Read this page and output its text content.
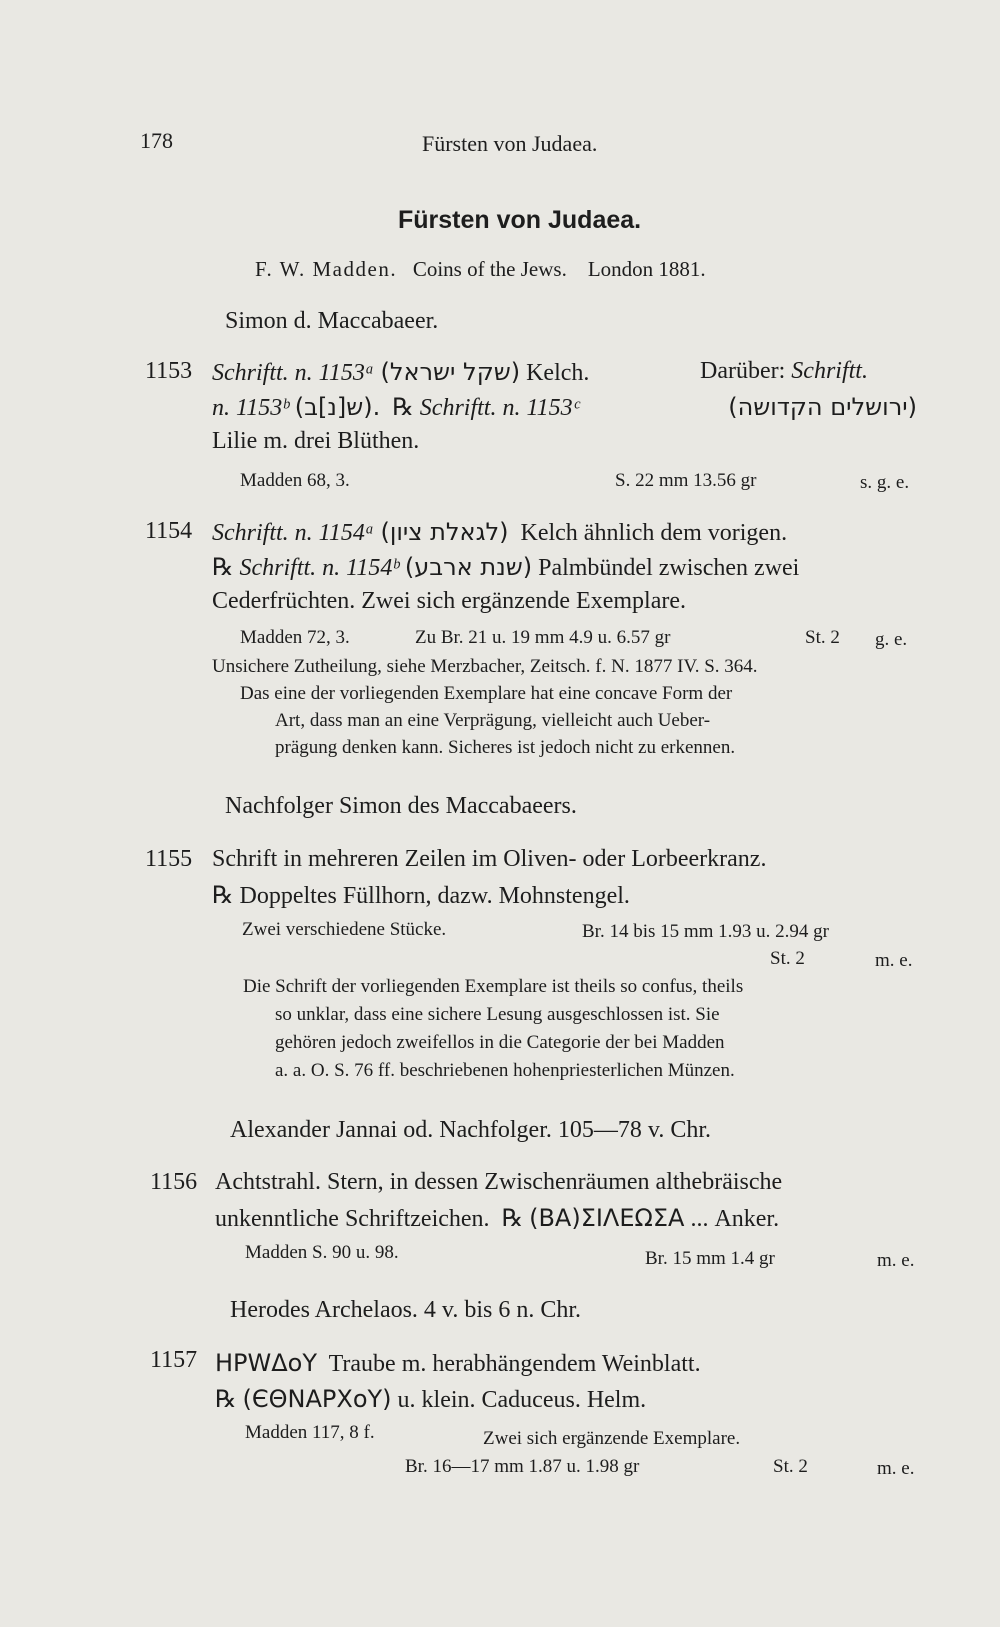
178	Fürsten von Judaea.
Fürsten von Judaea.
F. W. Madden. Coins of the Jews. London 1881.
Simon d. Maccabaeer.
1153 Schriftt. n. 1153ᵃ (שקל ישראל) Kelch.	Darüber: Schriftt.
n. 1153ᵇ (ש[נ]ב). ℞ Schriftt. n. 1153ᶜ	(ירושלים הקדושה)
Lilie m. drei Blüthen.
Madden 68, 3.	S. 22 mm 13.56 gr	s. g. e.
1154 Schriftt. n. 1154ᵃ (לגאלת ציון) Kelch ähnlich dem vorigen.
℞ Schriftt. n. 1154ᵇ (שנת ארבע) Palmbündel zwischen zwei
Cederfrüchten. Zwei sich ergänzende Exemplare.
Madden 72, 3.	Zu Br. 21 u. 19 mm 4.9 u. 6.57 gr	St. 2 g. e.
Unsichere Zutheilung, siehe Merzbacher, Zeitsch. f. N. 1877 IV. S. 364.
Das eine der vorliegenden Exemplare hat eine concave Form der
Art, dass man an eine Verprägung, vielleicht auch Ueber-
prägung denken kann. Sicheres ist jedoch nicht zu erkennen.
Nachfolger Simon des Maccabaeers.
1155 Schrift in mehreren Zeilen im Oliven- oder Lorbeerkranz.
℞ Doppeltes Füllhorn, dazw. Mohnstengel.
Zwei verschiedene Stücke.	Br. 14 bis 15 mm 1.93 u. 2.94 gr
St. 2	m. e.
Die Schrift der vorliegenden Exemplare ist theils so confus, theils
so unklar, dass eine sichere Lesung ausgeschlossen ist. Sie
gehören jedoch zweifellos in die Categorie der bei Madden
a. a. O. S. 76 ff. beschriebenen hohenpriesterlichen Münzen.
Alexander Jannai od. Nachfolger. 105—78 v. Chr.
1156 Achtstrahl. Stern, in dessen Zwischenräumen althebräische
unkenntliche Schriftzeichen. ℞ (ΒΑ)ΣΙΛΕΩΣΑ ... Anker.
Madden S. 90 u. 98.	Br. 15 mm 1.4 gr	m. e.
Herodes Archelaos. 4 v. bis 6 n. Chr.
1157 ΗΡWΔoY Traube m. herabhängendem Weinblatt.
℞ (ЄΘΝΑΡΧoY) u. klein. Caduceus. Helm.
Madden 117, 8 f.	Zwei sich ergänzende Exemplare.
Br. 16—17 mm 1.87 u. 1.98 gr	St. 2	m. e.
